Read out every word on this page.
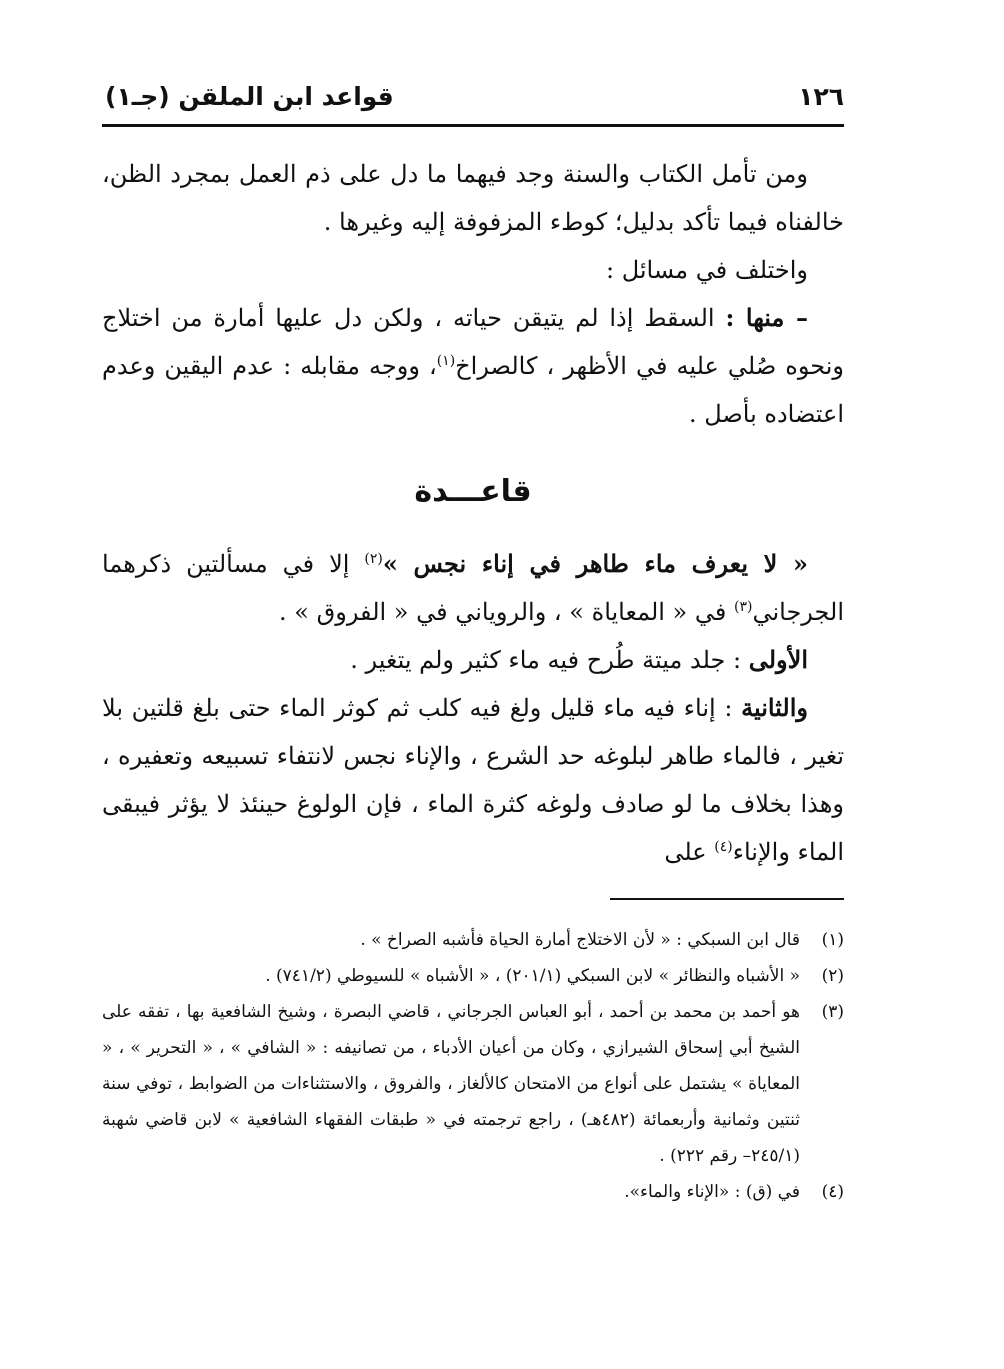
١٢٦
قواعد ابن الملقن (جـ١)

ومن تأمل الكتاب والسنة وجد فيهما ما دل على ذم العمل بمجرد الظن، خالفناه فيما تأكد بدليل؛ كوطء المزفوفة إليه وغيرها .

واختلف في مسائل :

– منها : السقط إذا لم يتيقن حياته ، ولكن دل عليها أمارة من اختلاج ونحوه صُلي عليه في الأظهر ، كالصراخ$^{(١)}$، ووجه مقابله : عدم اليقين وعدم اعتضاده بأصل .

قاعـــدة

« لا يعرف ماء طاهر في إناء نجس »$^{(٢)}$ إلا في مسألتين ذكرهما الجرجاني$^{(٣)}$ في « المعاياة » ، والروياني في « الفروق » .

الأولى : جلد ميتة طُرح فيه ماء كثير ولم يتغير .

والثانية : إناء فيه ماء قليل ولغ فيه كلب ثم كوثر الماء حتى بلغ قلتين بلا تغير ، فالماء طاهر لبلوغه حد الشرع ، والإناء نجس لانتفاء تسبيعه وتعفيره ، وهذا بخلاف ما لو صادف ولوغه كثرة الماء ، فإن الولوغ حينئذ لا يؤثر فيبقى الماء والإناء$^{(٤)}$ على

(١)
قال ابن السبكي : « لأن الاختلاج أمارة الحياة فأشبه الصراخ » .
(٢)
« الأشباه والنظائر » لابن السبكي (٢٠١/١) ، « الأشباه » للسيوطي (٧٤١/٢) .
(٣)
هو أحمد بن محمد بن أحمد ، أبو العباس الجرجاني ، قاضي البصرة ، وشيخ الشافعية بها ، تفقه على الشيخ أبي إسحاق الشيرازي ، وكان من أعيان الأدباء ، من تصانيفه : « الشافي » ، « التحرير » ، « المعاياة » يشتمل على أنواع من الامتحان كالألغاز ، والفروق ، والاستثناءات من الضوابط ، توفي سنة ثنتين وثمانية وأربعمائة (٤٨٢هـ) ، راجع ترجمته في « طبقات الفقهاء الشافعية » لابن قاضي شهبة (٢٤٥/١– رقم ٢٢٢) .
(٤)
في (ق) : «الإناء والماء».
